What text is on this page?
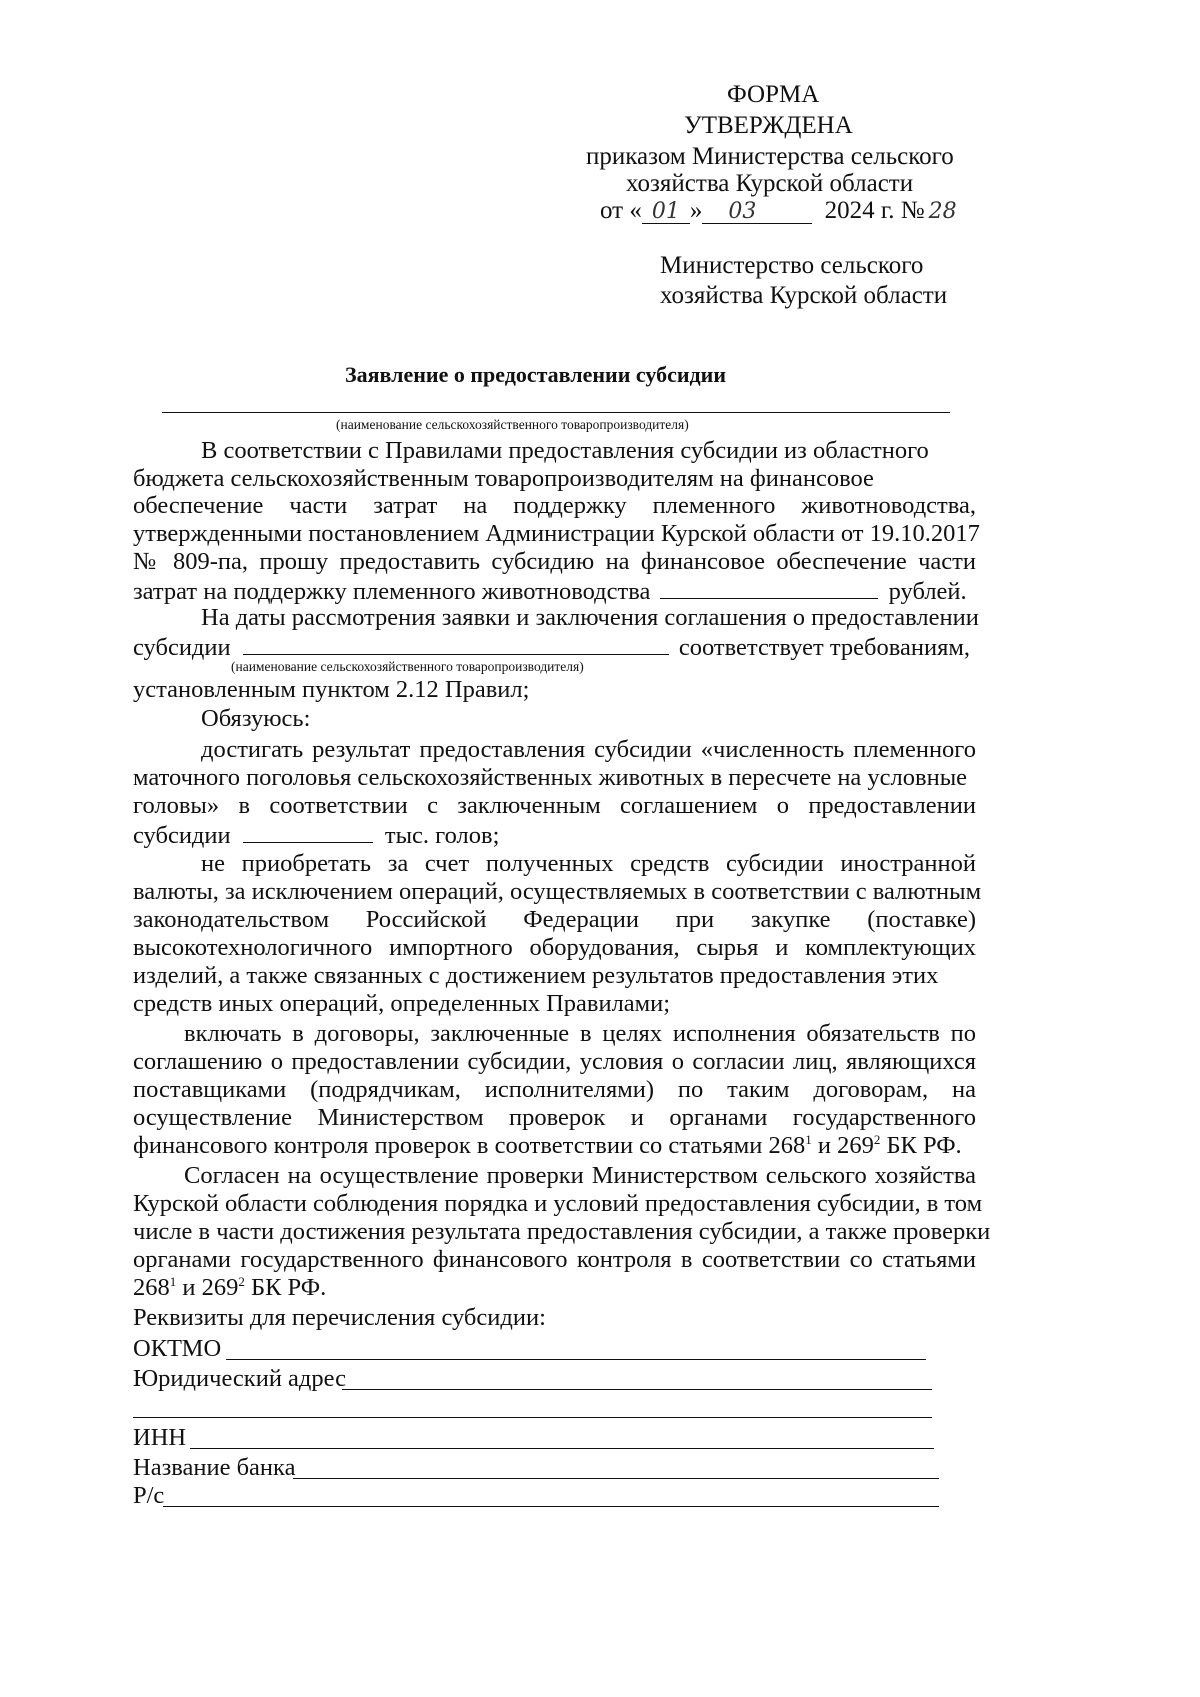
ФОРМА
УТВЕРЖДЕНА
приказом Министерства сельского
хозяйства Курской области
от « 01 » 03	2024 г. № 28
Министерство сельского
хозяйства Курской области
Заявление о предоставлении субсидии
(наименование сельскохозяйственного товаропроизводителя)
В соответствии с Правилами предоставления субсидии из областного
бюджета сельскохозяйственным товаропроизводителям на финансовое
обеспечение части затрат на поддержку племенного животноводства,
утвержденными постановлением Администрации Курской области от 19.10.2017
№ 809-па, прошу предоставить субсидию на финансовое обеспечение части
затрат на поддержку племенного животноводства	рублей.
На даты рассмотрения заявки и заключения соглашения о предоставлении
субсидии	соответствует требованиям,
(наименование сельскохозяйственного товаропроизводителя)
установленным пунктом 2.12 Правил;
Обязуюсь:
достигать результат предоставления субсидии «численность племенного
маточного поголовья сельскохозяйственных животных в пересчете на условные
головы» в соответствии с заключенным соглашением о предоставлении
субсидии	тыс. голов;
не приобретать за счет полученных средств субсидии иностранной
валюты, за исключением операций, осуществляемых в соответствии с валютным
законодательством Российской Федерации при закупке (поставке)
высокотехнологичного импортного оборудования, сырья и комплектующих
изделий, а также связанных с достижением результатов предоставления этих
средств иных операций, определенных Правилами;
включать в договоры, заключенные в целях исполнения обязательств по
соглашению о предоставлении субсидии, условия о согласии лиц, являющихся
поставщиками (подрядчикам, исполнителями) по таким договорам, на
осуществление Министерством проверок и органами государственного
финансового контроля проверок в соответствии со статьями $268^1$ и $269^2$ БК РФ.
Согласен на осуществление проверки Министерством сельского хозяйства
Курской области соблюдения порядка и условий предоставления субсидии, в том
числе в части достижения результата предоставления субсидии, а также проверки
органами государственного финансового контроля в соответствии со статьями
$268^1$ и $269^2$ БК РФ.
Реквизиты для перечисления субсидии:
ОКТМО
Юридический адрес
ИНН
Название банка
Р/с
